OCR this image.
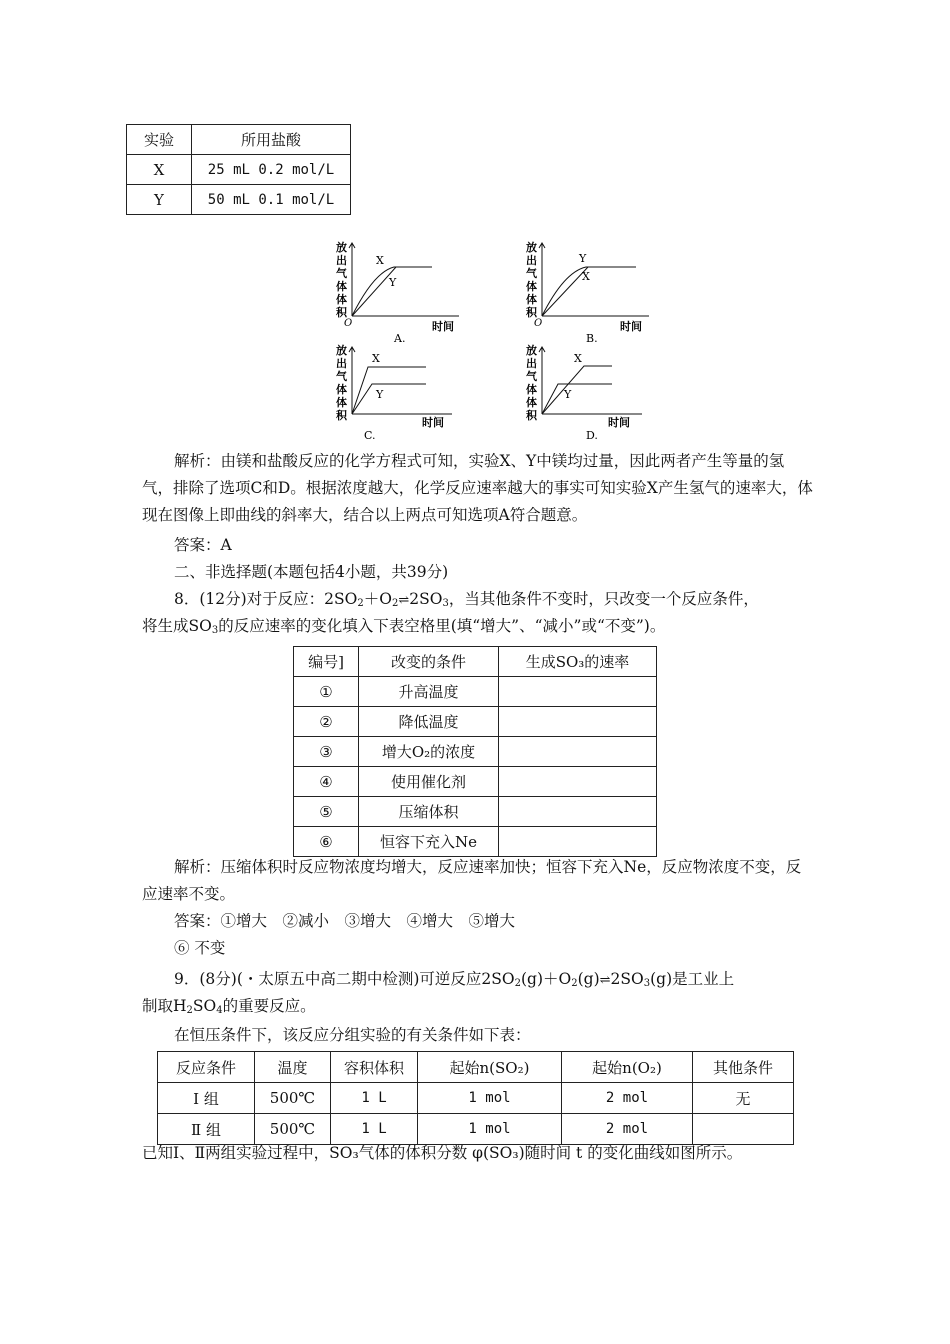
实验	所用盐酸
X	25 mL 0.2 mol/L
Y	50 mL 0.1 mol/L
放
出
气
体
体
积
O
X
Y
时间
A.
放
出
气
体
体
积
O
Y
X
时间
B.
放
出
气
体
体
积
X
Y
时间
C.
放
出
气
体
体
积
X
Y
时间
D.
解析：由镁和盐酸反应的化学方程式可知，实验X、Y中镁均过量，因此两者产生等量的氢气，排除了选项C和D。根据浓度越大，化学反应速率越大的事实可知实验X产生氢气的速率大，体现在图像上即曲线的斜率大，结合以上两点可知选项A符合题意。
答案：A
二、非选择题(本题包括4小题，共39分)
8．(12分)对于反应：$2SO_2+O_2\rightleftharpoons 2SO_3$，当其他条件不变时，只改变一个反应条件，
将生成$SO_3$的反应速率的变化填入下表空格里(填“增大”、“减小”或“不变”)。
编号]	改变的条件	生成SO₃的速率
①	升高温度	
②	降低温度	
③	增大O₂的浓度	
④	使用催化剂	
⑤	压缩体积	
⑥	恒容下充入Ne	
解析：压缩体积时反应物浓度均增大，反应速率加快；恒容下充入Ne，反应物浓度不变，反应速率不变。
答案：①增大　②减小　③增大　④增大　⑤增大
⑥ 不变
9．(8分)(・太原五中高二期中检测)可逆反应$2SO_2(g)+O_2(g)\rightleftharpoons 2SO_3(g)$是工业上
制取$H_2SO_4$的重要反应。
在恒压条件下，该反应分组实验的有关条件如下表：
反应条件	温度	容积体积	起始n(SO₂)	起始n(O₂)	其他条件
Ⅰ 组	500℃	1 L	1 mol	2 mol	无
Ⅱ 组	500℃	1 L	1 mol	2 mol	
已知Ⅰ、Ⅱ两组实验过程中，SO₃气体的体积分数 φ(SO₃)随时间 t 的变化曲线如图所示。
